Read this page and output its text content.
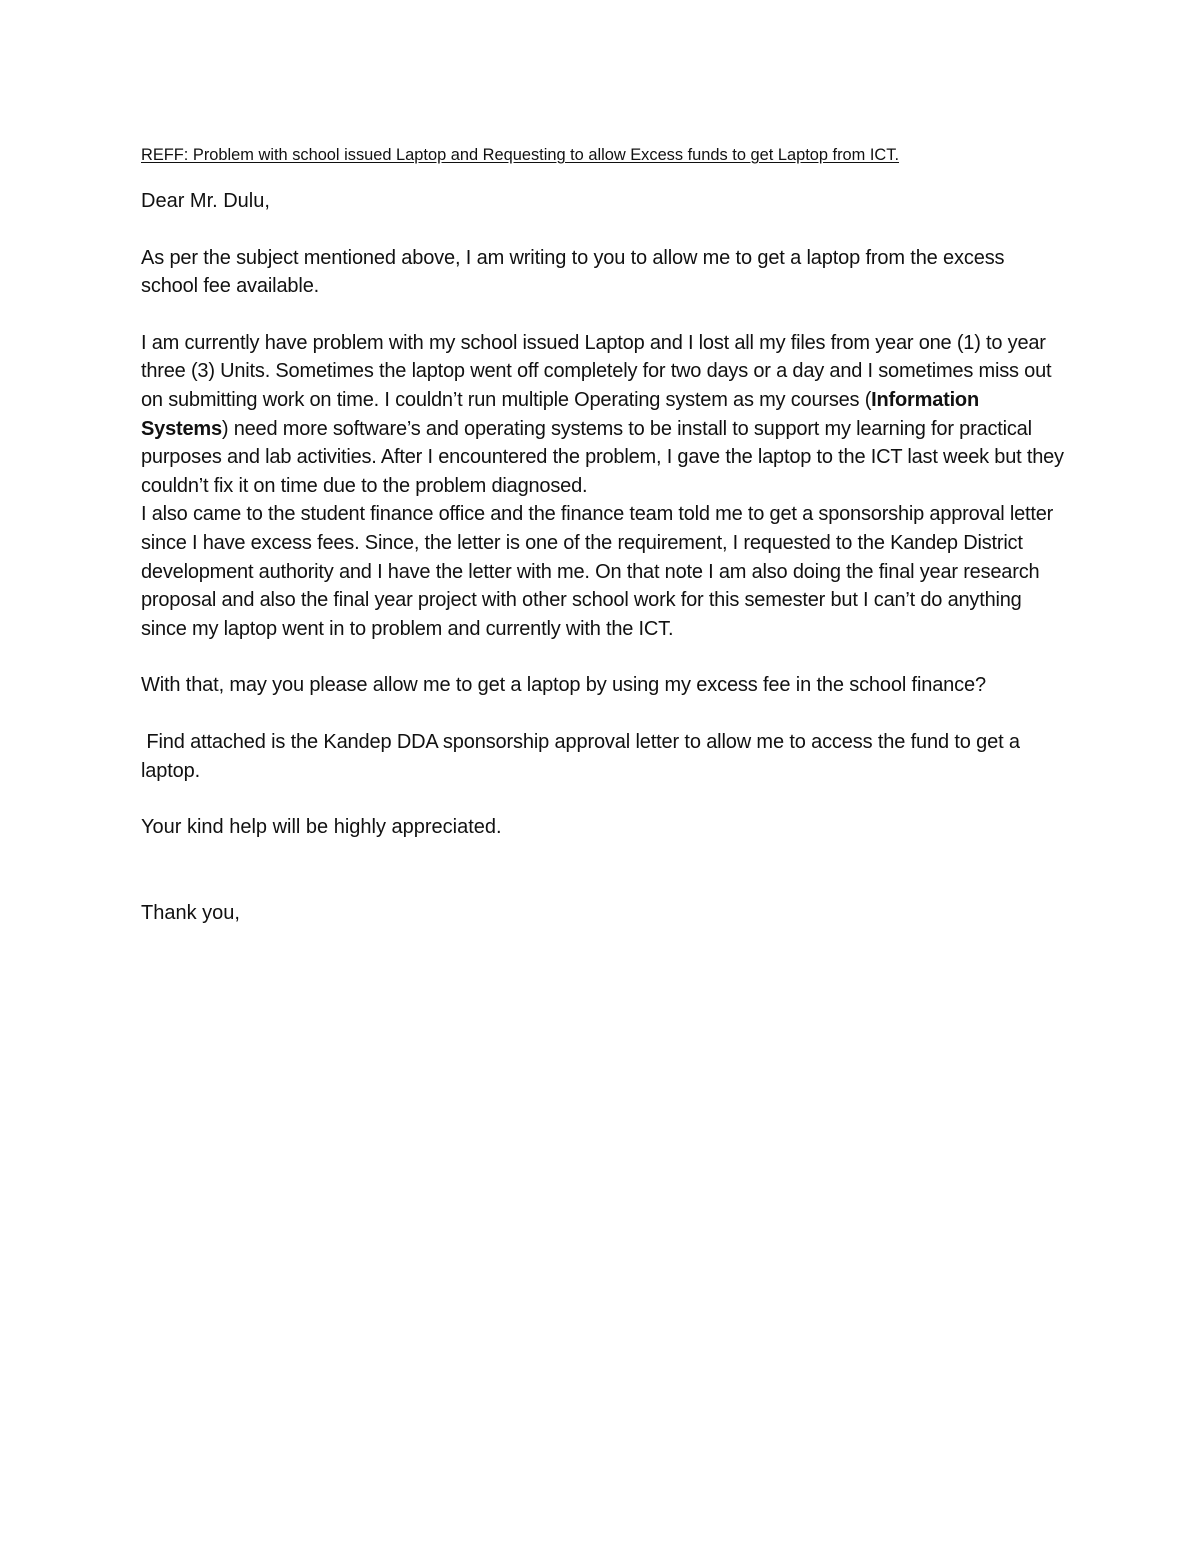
REFF: Problem with school issued Laptop and Requesting to allow Excess funds to get Laptop from ICT.

Dear Mr. Dulu,

As per the subject mentioned above, I am writing to you to allow me to get a laptop from the excess school fee available.

I am currently have problem with my school issued Laptop and I lost all my files from year one (1) to year three (3) Units. Sometimes the laptop went off completely for two days or a day and I sometimes miss out on submitting work on time. I couldn’t run multiple Operating system as my courses (Information Systems) need more software’s and operating systems to be install to support my learning for practical purposes and lab activities. After I encountered the problem, I gave the laptop to the ICT last week but they couldn’t fix it on time due to the problem diagnosed.

I also came to the student finance office and the finance team told me to get a sponsorship approval letter since I have excess fees. Since, the letter is one of the requirement, I requested to the Kandep District development authority and I have the letter with me. On that note I am also doing the final year research proposal and also the final year project with other school work for this semester but I can’t do anything since my laptop went in to problem and currently with the ICT.

With that, may you please allow me to get a laptop by using my excess fee in the school finance?

Find attached is the Kandep DDA sponsorship approval letter to allow me to access the fund to get a laptop.

Your kind help will be highly appreciated.

Thank you,
